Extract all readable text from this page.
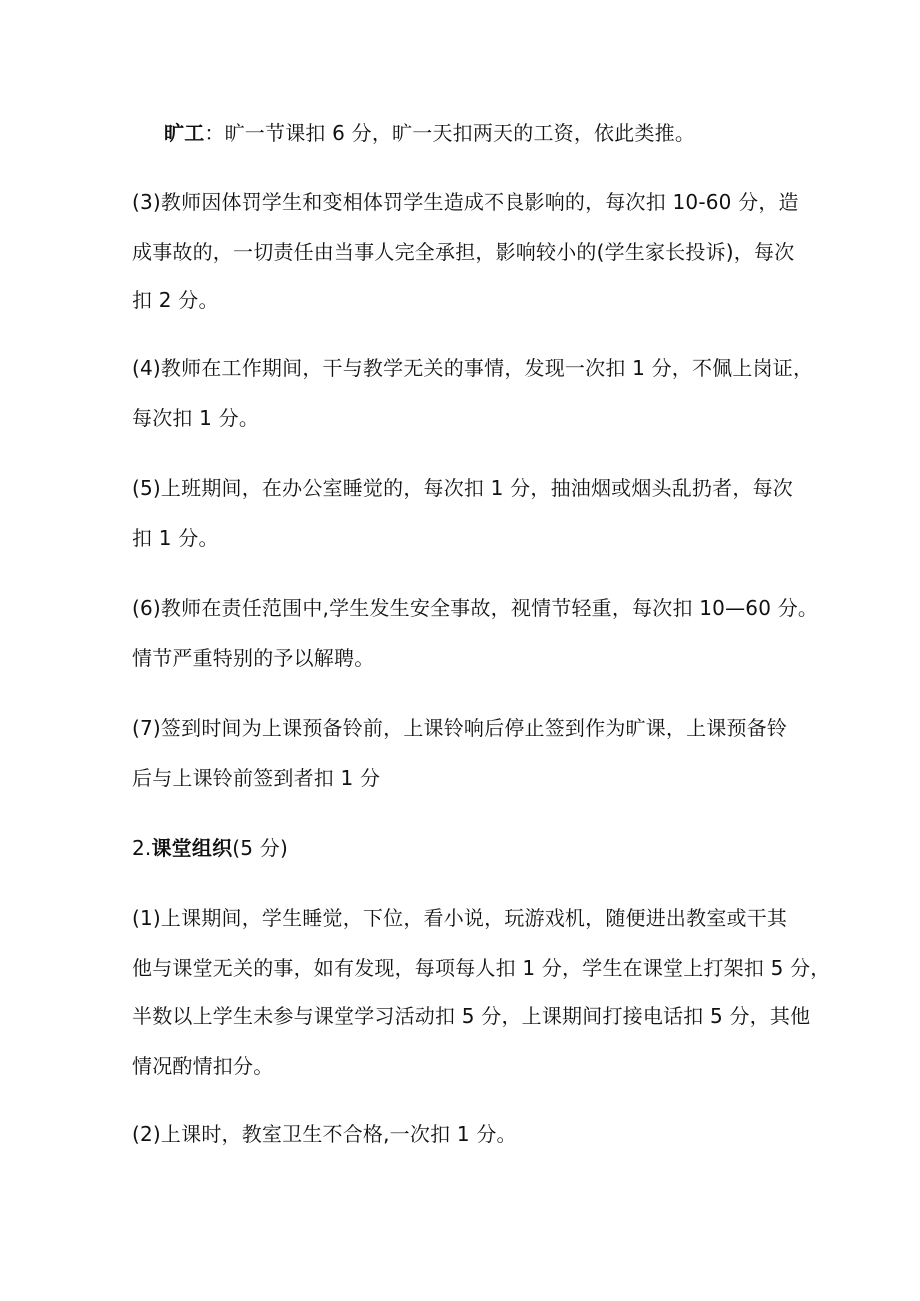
旷工：旷一节课扣 6 分，旷一天扣两天的工资，依此类推。
(3)教师因体罚学生和变相体罚学生造成不良影响的，每次扣 10-60 分，造
成事故的，一切责任由当事人完全承担，影响较小的(学生家长投诉)，每次
扣 2 分。
(4)教师在工作期间，干与教学无关的事情，发现一次扣 1 分，不佩上岗证，
每次扣 1 分。
(5)上班期间，在办公室睡觉的，每次扣 1 分，抽油烟或烟头乱扔者，每次
扣 1 分。
(6)教师在责任范围中,学生发生安全事故，视情节轻重，每次扣 10—60 分。
情节严重特别的予以解聘。
(7)签到时间为上课预备铃前，上课铃响后停止签到作为旷课，上课预备铃
后与上课铃前签到者扣 1 分
2.课堂组织(5 分)
(1)上课期间，学生睡觉，下位，看小说，玩游戏机，随便进出教室或干其
他与课堂无关的事，如有发现，每项每人扣 1 分，学生在课堂上打架扣 5 分，
半数以上学生未参与课堂学习活动扣 5 分，上课期间打接电话扣 5 分，其他
情况酌情扣分。
(2)上课时，教室卫生不合格,一次扣 1 分。
